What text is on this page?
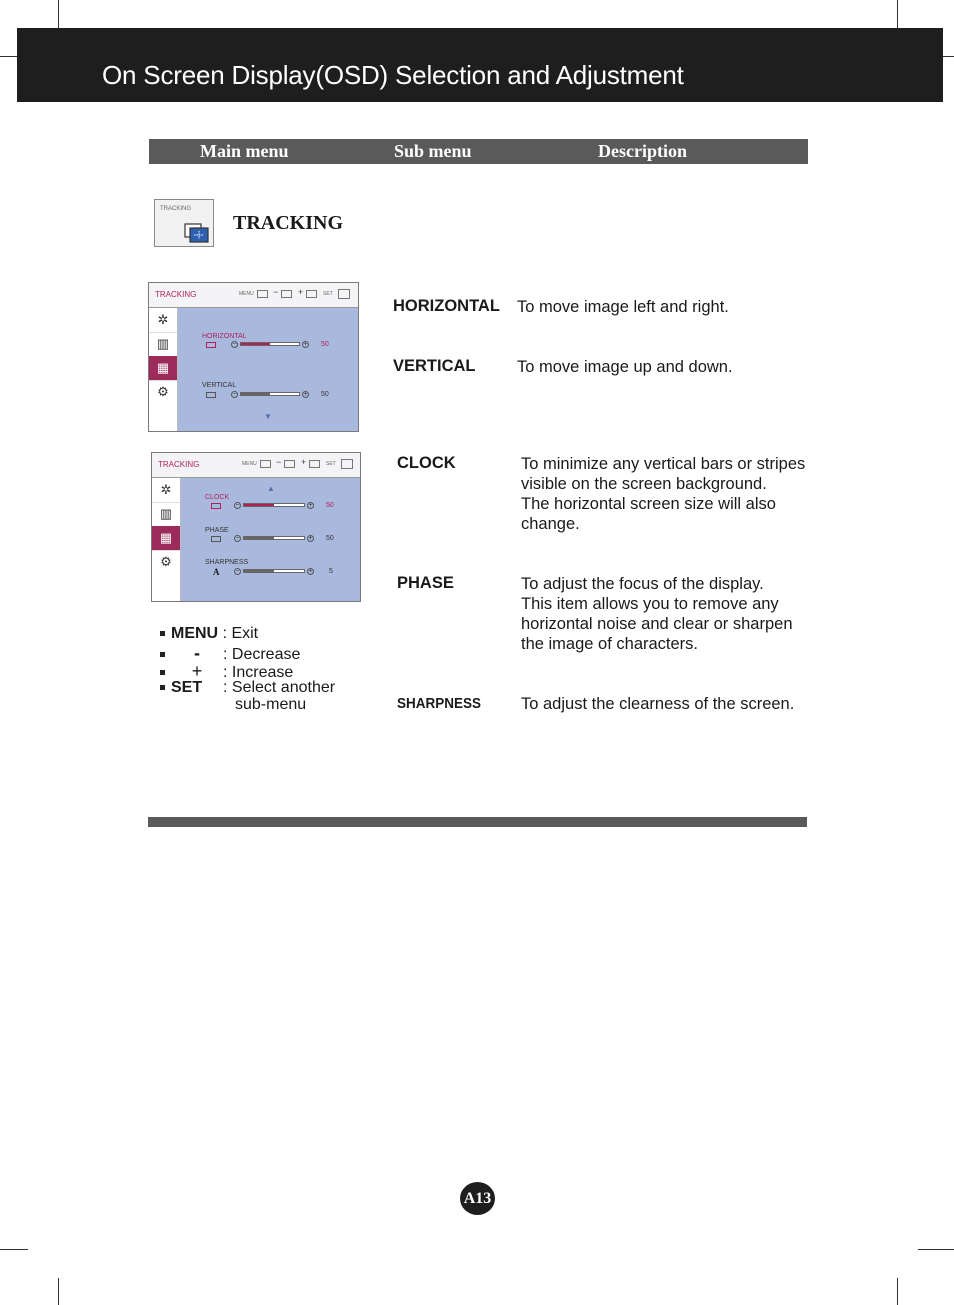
On Screen Display(OSD) Selection and Adjustment
Main menu	Sub menu	Description
TRACKING
TRACKING
TRACKING	MENU − +	SET
✲
▥
▦
⚙
HORIZONTAL
−	+ 50
VERTICAL
−	+ 50
▼
TRACKING	MENU − +	SET
✲
▥
▦
⚙
▲
CLOCK
−	+ 50
PHASE
−	+ 50
SHARPNESS
A −	+ 5
MENU : Exit
- : Decrease
+ : Increase
SET : Select another
sub-menu
HORIZONTAL To move image left and right.
VERTICAL	To move image up and down.
CLOCK	To minimize any vertical bars or stripes
visible on the screen background.
The horizontal screen size will also
change.
PHASE	To adjust the focus of the display.
This item allows you to remove any
horizontal noise and clear or sharpen
the image of characters.
SHARPNESS To adjust the clearness of the screen.
A13
